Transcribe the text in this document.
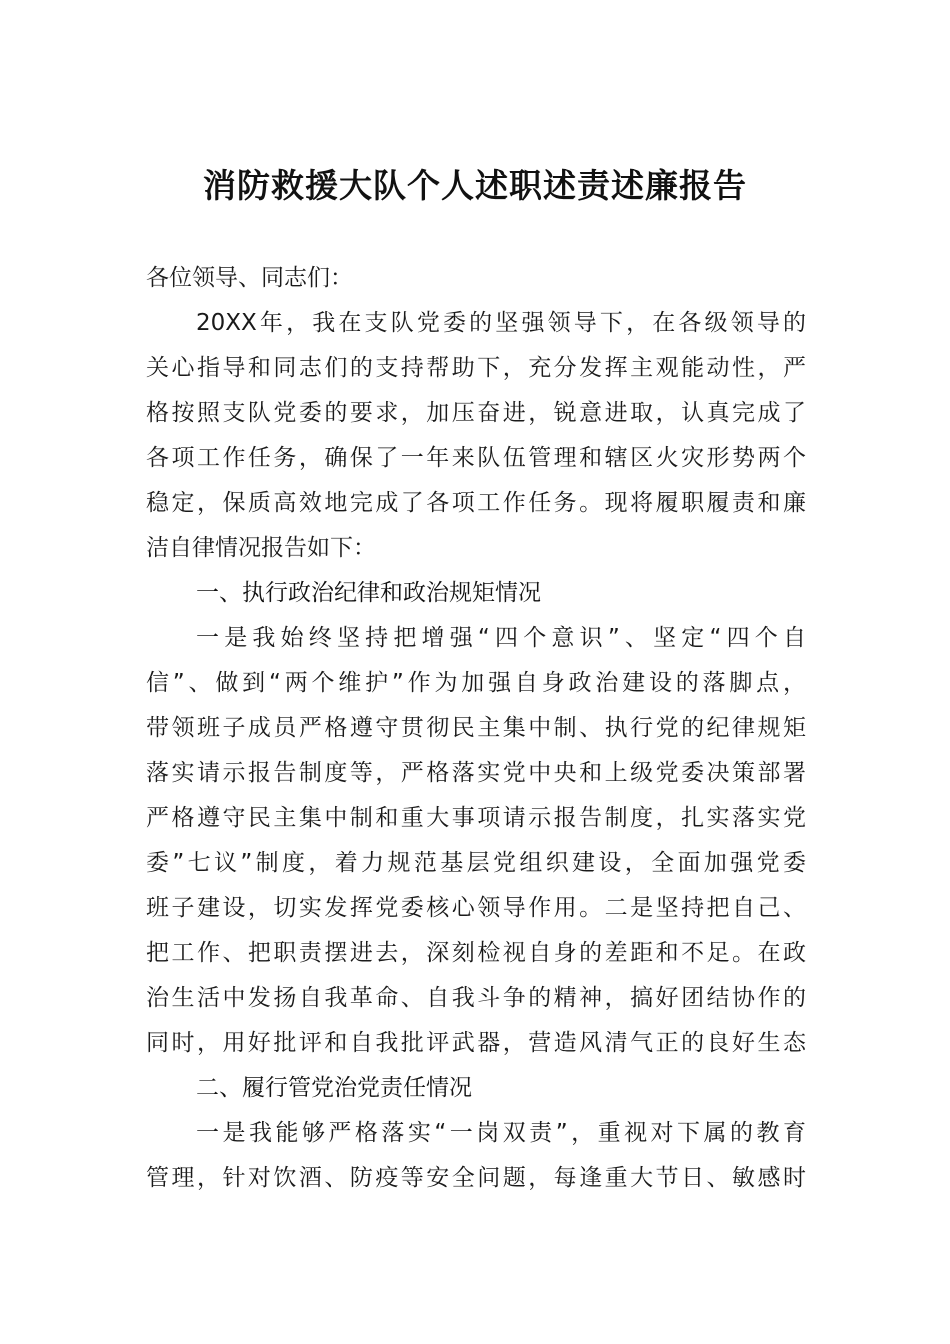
消防救援大队个人述职述责述廉报告
各位领导、同志们：
20XX年，我在支队党委的坚强领导下，在各级领导的
关心指导和同志们的支持帮助下，充分发挥主观能动性，严
格按照支队党委的要求，加压奋进，锐意进取，认真完成了
各项工作任务，确保了一年来队伍管理和辖区火灾形势两个
稳定，保质高效地完成了各项工作任务。现将履职履责和廉
洁自律情况报告如下：
一、执行政治纪律和政治规矩情况
一是我始终坚持把增强“四个意识”、坚定“四个自
信”、做到“两个维护”作为加强自身政治建设的落脚点，
带领班子成员严格遵守贯彻民主集中制、执行党的纪律规矩
落实请示报告制度等，严格落实党中央和上级党委决策部署
严格遵守民主集中制和重大事项请示报告制度，扎实落实党
委”七议”制度，着力规范基层党组织建设，全面加强党委
班子建设，切实发挥党委核心领导作用。二是坚持把自己、
把工作、把职责摆进去，深刻检视自身的差距和不足。在政
治生活中发扬自我革命、自我斗争的精神，搞好团结协作的
同时，用好批评和自我批评武器，营造风清气正的良好生态
二、履行管党治党责任情况
一是我能够严格落实“一岗双责”，重视对下属的教育
管理，针对饮酒、防疫等安全问题，每逢重大节日、敏感时
